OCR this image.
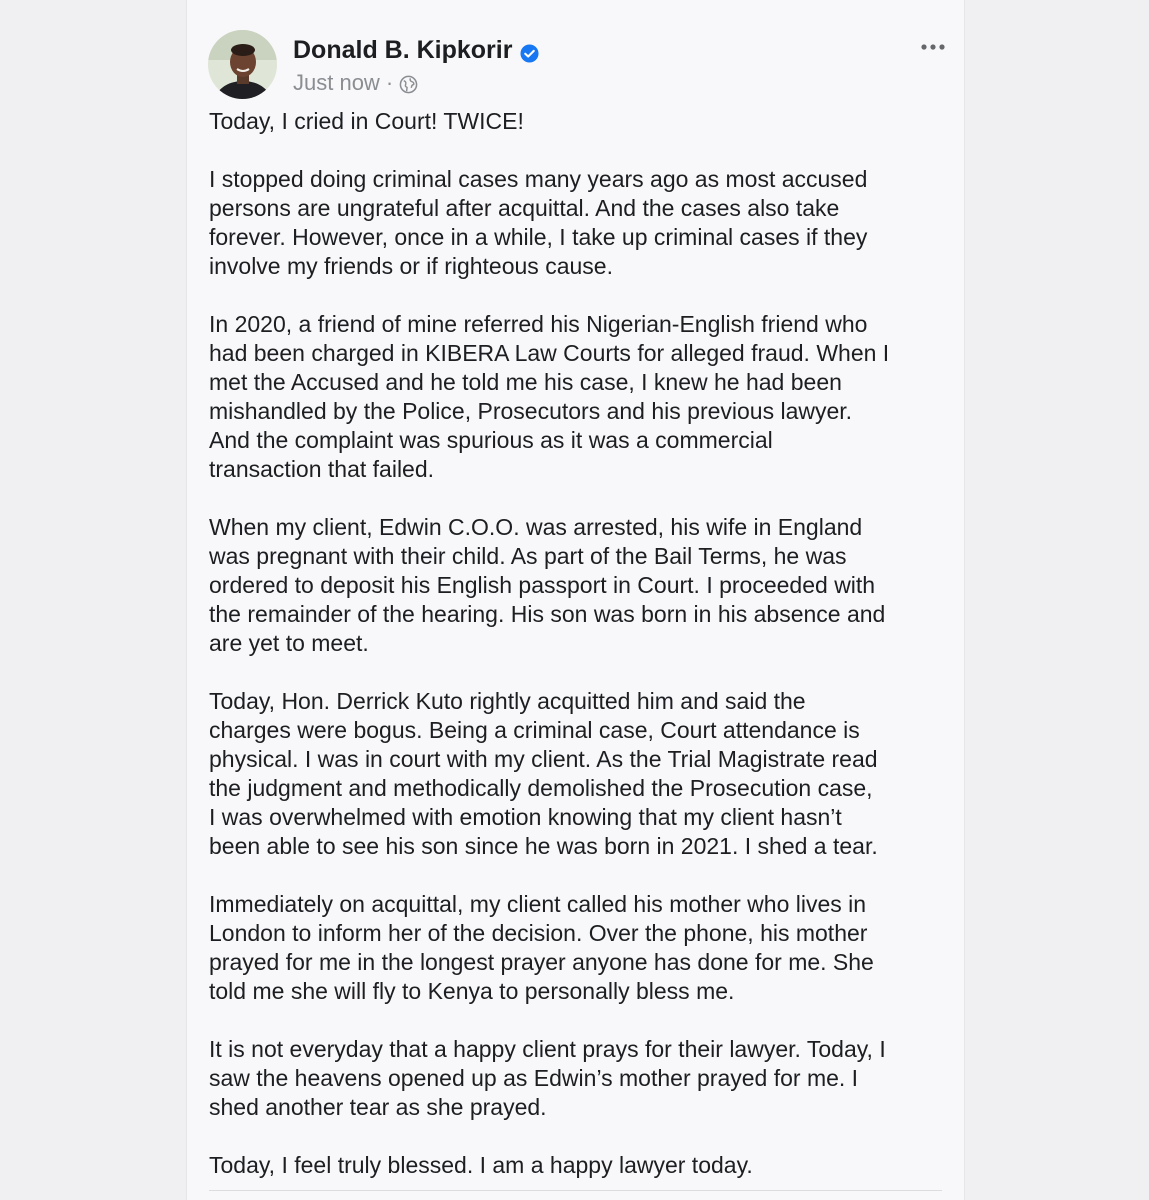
Donald B. Kipkorir
Just now ·

Today, I cried in Court! TWICE!

I stopped doing criminal cases many years ago as most accused
persons are ungrateful after acquittal. And the cases also take
forever. However, once in a while, I take up criminal cases if they
involve my friends or if righteous cause.

In 2020, a friend of mine referred his Nigerian-English friend who
had been charged in KIBERA Law Courts for alleged fraud. When I
met the Accused and he told me his case, I knew he had been
mishandled by the Police, Prosecutors and his previous lawyer.
And the complaint was spurious as it was a commercial
transaction that failed.

When my client, Edwin C.O.O. was arrested, his wife in England
was pregnant with their child. As part of the Bail Terms, he was
ordered to deposit his English passport in Court. I proceeded with
the remainder of the hearing. His son was born in his absence and
are yet to meet.

Today, Hon. Derrick Kuto rightly acquitted him and said the
charges were bogus. Being a criminal case, Court attendance is
physical. I was in court with my client. As the Trial Magistrate read
the judgment and methodically demolished the Prosecution case,
I was overwhelmed with emotion knowing that my client hasn’t
been able to see his son since he was born in 2021. I shed a tear.

Immediately on acquittal, my client called his mother who lives in
London to inform her of the decision. Over the phone, his mother
prayed for me in the longest prayer anyone has done for me. She
told me she will fly to Kenya to personally bless me.

It is not everyday that a happy client prays for their lawyer. Today, I
saw the heavens opened up as Edwin’s mother prayed for me. I
shed another tear as she prayed.

Today, I feel truly blessed. I am a happy lawyer today.
